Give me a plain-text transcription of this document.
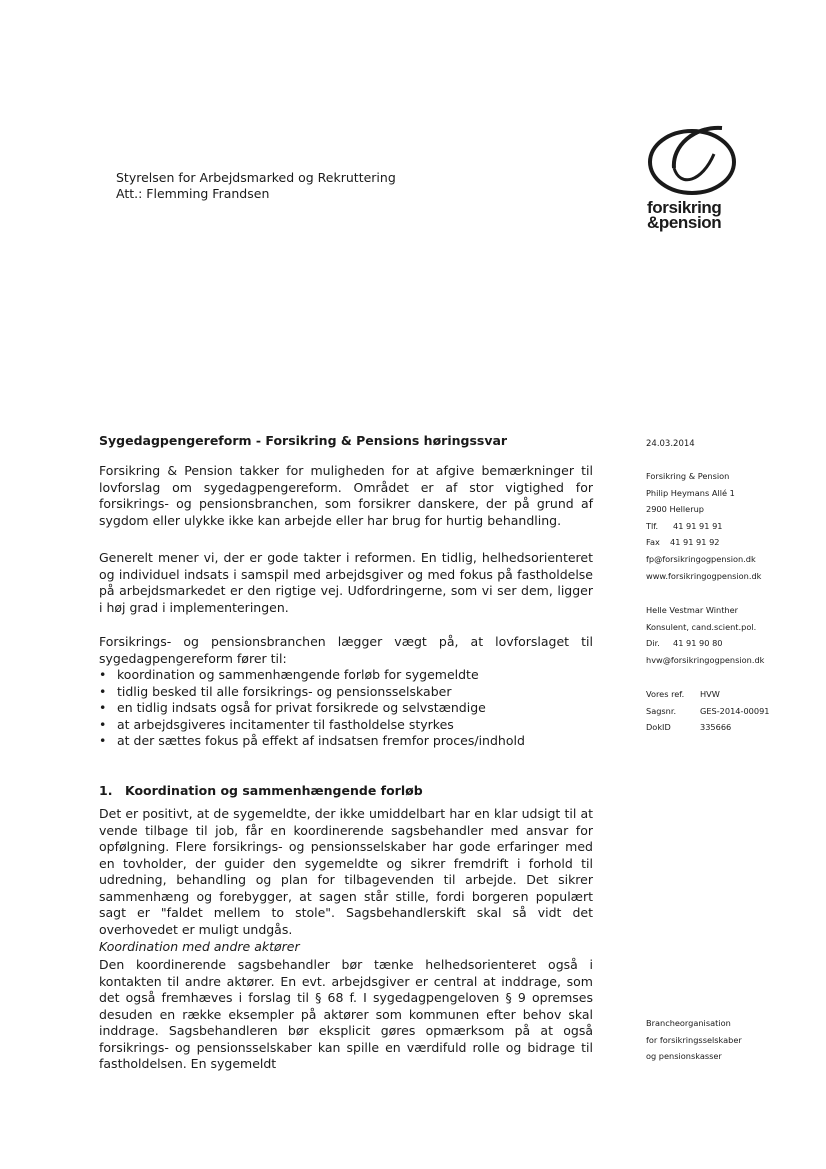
Styrelsen for Arbejdsmarked og Rekruttering
Att.: Flemming Frandsen
forsikring
&pension
Sygedagpengereform - Forsikring & Pensions høringssvar
Forsikring & Pension takker for muligheden for at afgive bemærkninger til lovforslag om sygedagpengereform. Området er af stor vigtighed for forsikrings- og pensionsbranchen, som forsikrer danskere, der på grund af sygdom eller ulykke ikke kan arbejde eller har brug for hurtig behandling.
Generelt mener vi, der er gode takter i reformen. En tidlig, helhedsorienteret og individuel indsats i samspil med arbejdsgiver og med fokus på fastholdelse på arbejdsmarkedet er den rigtige vej. Udfordringerne, som vi ser dem, ligger i høj grad i implementeringen.
Forsikrings- og pensionsbranchen lægger vægt på, at lovforslaget til sygedagpengereform fører til:
• koordination og sammenhængende forløb for sygemeldte
• tidlig besked til alle forsikrings- og pensionsselskaber
• en tidlig indsats også for privat forsikrede og selvstændige
• at arbejdsgiveres incitamenter til fastholdelse styrkes
• at der sættes fokus på effekt af indsatsen fremfor proces/indhold
1. Koordination og sammenhængende forløb
Det er positivt, at de sygemeldte, der ikke umiddelbart har en klar udsigt til at vende tilbage til job, får en koordinerende sagsbehandler med ansvar for opfølgning. Flere forsikrings- og pensionsselskaber har gode erfaringer med en tovholder, der guider den sygemeldte og sikrer fremdrift i forhold til udredning, behandling og plan for tilbagevenden til arbejde. Det sikrer sammenhæng og forebygger, at sagen står stille, fordi borgeren populært sagt er "faldet mellem to stole". Sagsbehandlerskift skal så vidt det overhovedet er muligt undgås.
Koordination med andre aktører
Den koordinerende sagsbehandler bør tænke helhedsorienteret også i kontakten til andre aktører. En evt. arbejdsgiver er central at inddrage, som det også fremhæves i forslag til § 68 f. I sygedagpengeloven § 9 opremses desuden en række eksempler på aktører som kommunen efter behov skal inddrage. Sagsbehandleren bør eksplicit gøres opmærksom på at også forsikrings- og pensionsselskaber kan spille en værdifuld rolle og bidrage til fastholdelsen. En sygemeldt
24.03.2014
Forsikring & Pension
Philip Heymans Allé 1
2900 Hellerup
Tlf. 41 91 91 91
Fax 41 91 91 92
fp@forsikringogpension.dk
www.forsikringogpension.dk
Helle Vestmar Winther
Konsulent, cand.scient.pol.
Dir. 41 91 90 80
hvw@forsikringogpension.dk
Vores ref. HVW
Sagsnr.	GES-2014-00091
DokID	335666
Brancheorganisation
for forsikringsselskaber
og pensionskasser
